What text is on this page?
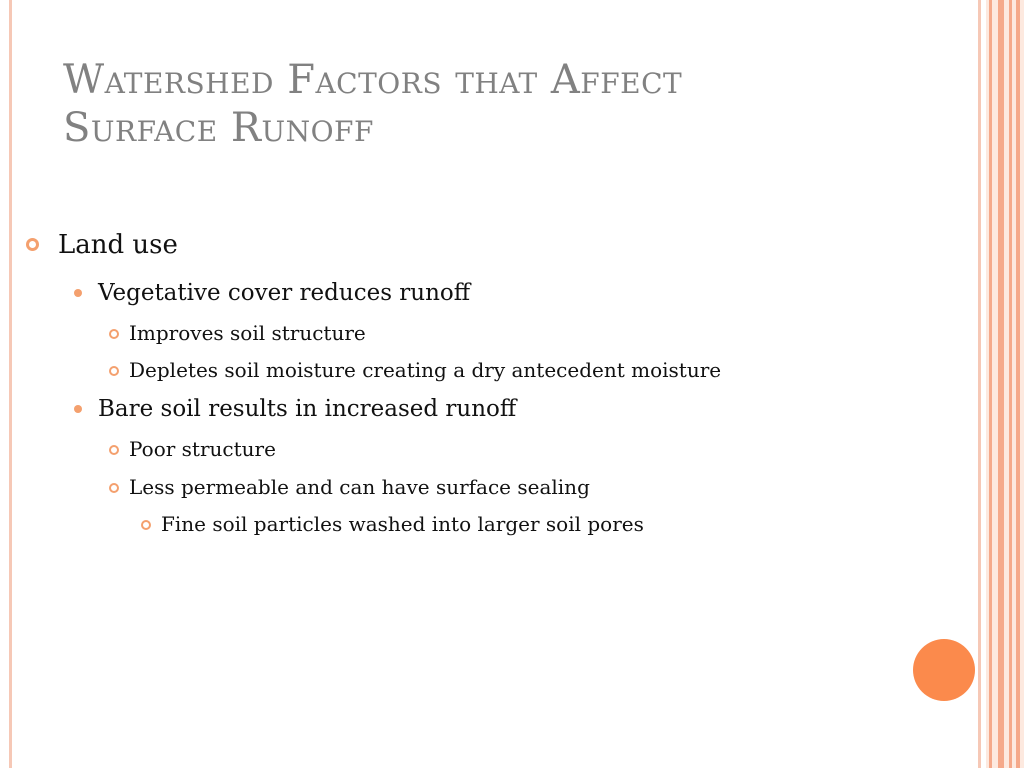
Watershed Factors that Affect
Surface Runoff
Land use
Vegetative cover reduces runoff
Improves soil structure
Depletes soil moisture creating a dry antecedent moisture
Bare soil results in increased runoff
Poor structure
Less permeable and can have surface sealing
Fine soil particles washed into larger soil pores
